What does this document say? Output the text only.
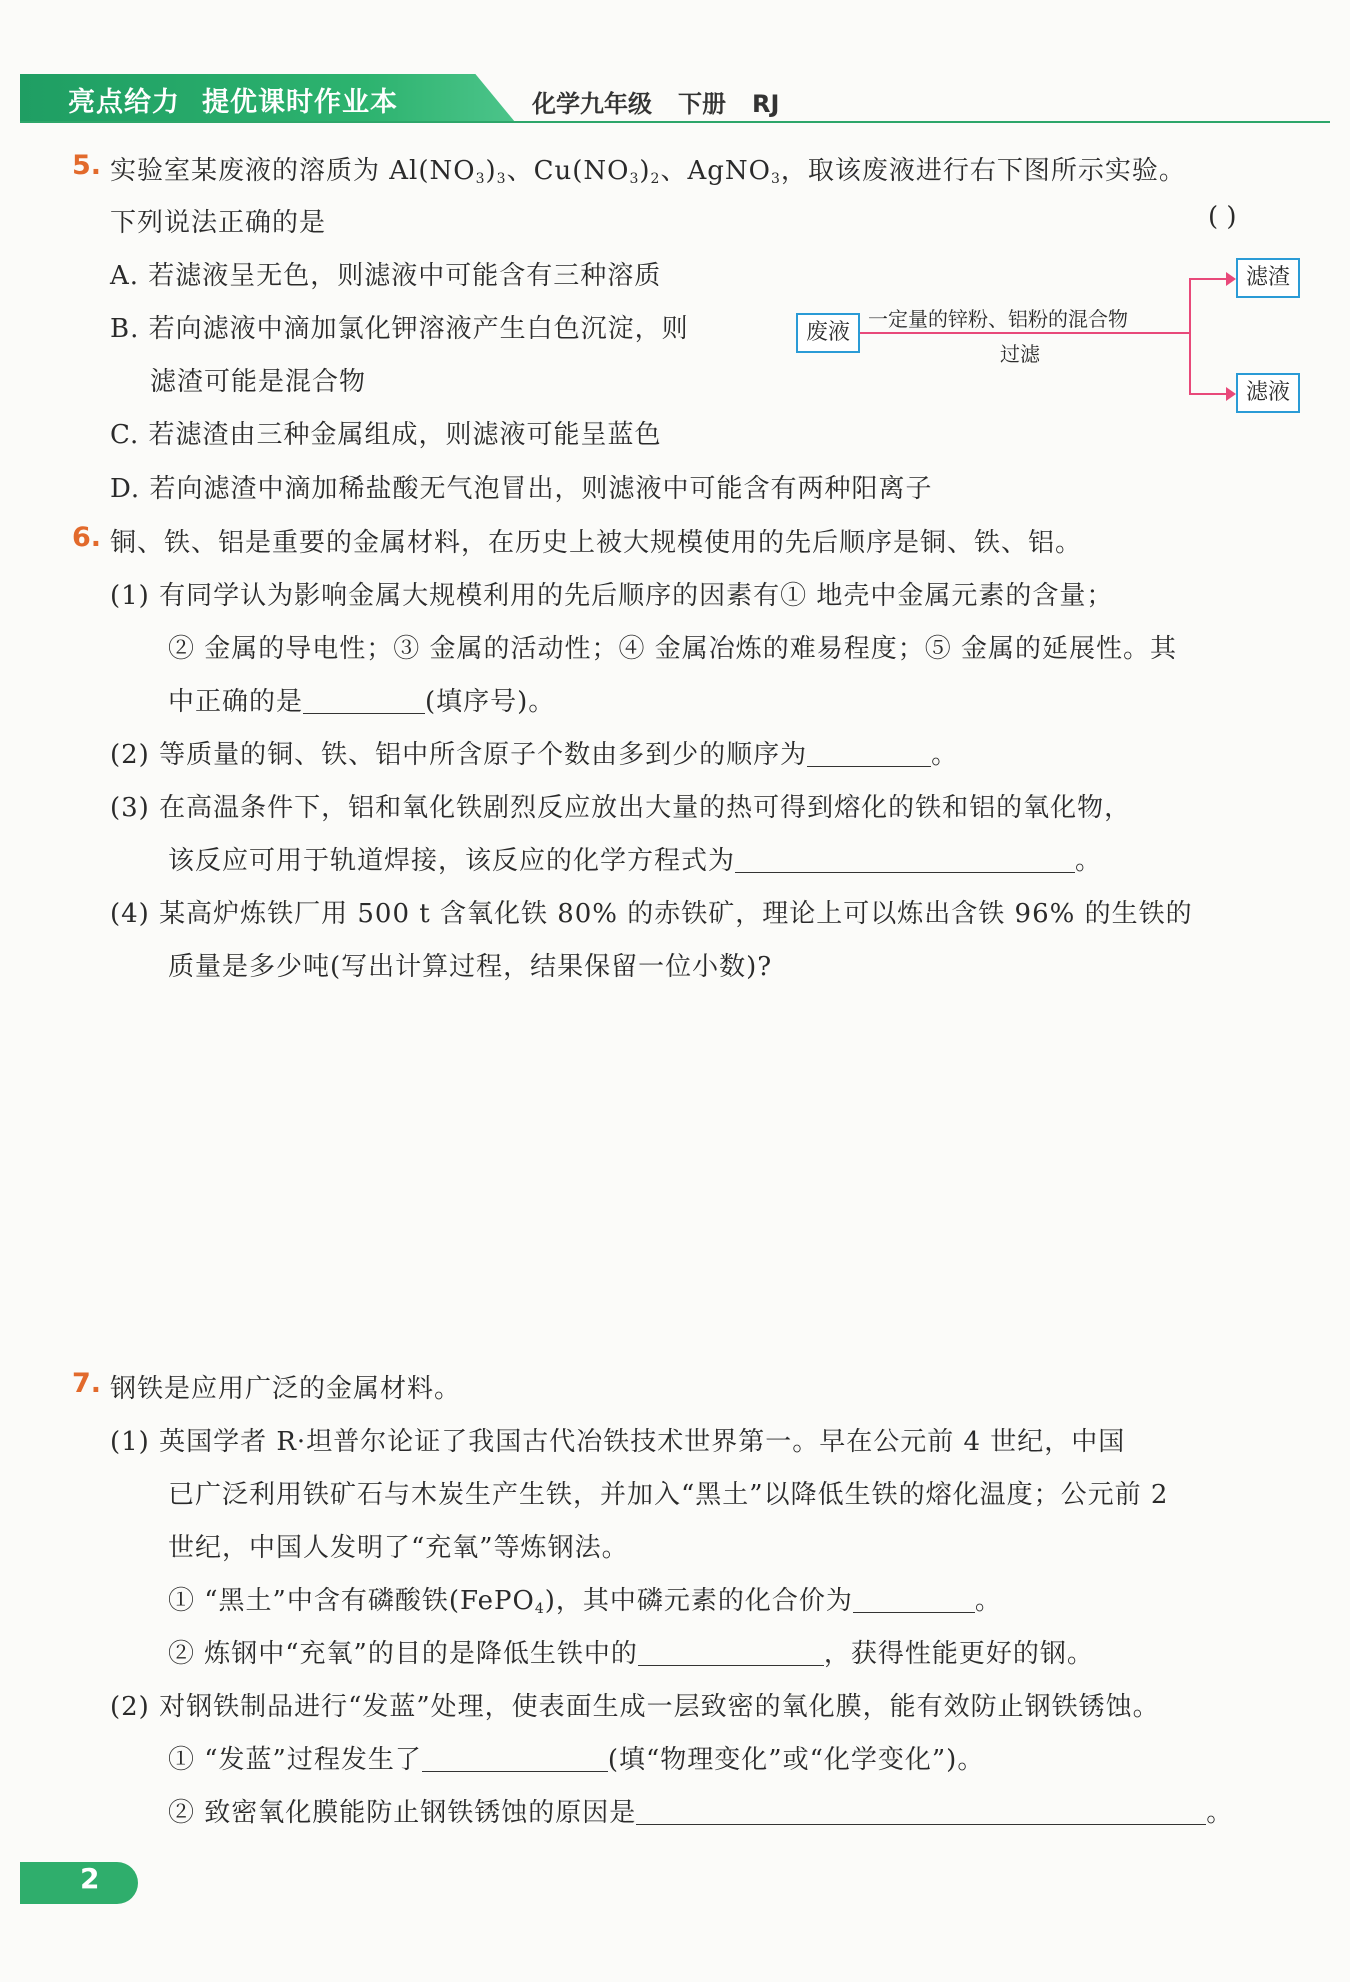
亮点给力 提优课时作业本	化学九年级 下册 RJ
5. 实验室某废液的溶质为 $Al(NO_3)_3$、$Cu(NO_3)_2$、AgNO$_3$，取该废液进行右下图所示实验。
下列说法正确的是	( )
A. 若滤液呈无色，则滤液中可能含有三种溶质
B. 若向滤液中滴加氯化钾溶液产生白色沉淀，则
滤渣可能是混合物
C. 若滤渣由三种金属组成，则滤液可能呈蓝色
D. 若向滤渣中滴加稀盐酸无气泡冒出，则滤液中可能含有两种阳离子
废液
一定量的锌粉、铝粉的混合物
过滤
滤渣
滤液
6. 铜、铁、铝是重要的金属材料，在历史上被大规模使用的先后顺序是铜、铁、铝。
(1) 有同学认为影响金属大规模利用的先后顺序的因素有① 地壳中金属元素的含量；
② 金属的导电性；③ 金属的活动性；④ 金属冶炼的难易程度；⑤ 金属的延展性。其
中正确的是	(填序号)。
(2) 等质量的铜、铁、铝中所含原子个数由多到少的顺序为	。
(3) 在高温条件下，铝和氧化铁剧烈反应放出大量的热可得到熔化的铁和铝的氧化物，
该反应可用于轨道焊接，该反应的化学方程式为	。
(4) 某高炉炼铁厂用 500 t 含氧化铁 80% 的赤铁矿，理论上可以炼出含铁 96% 的生铁的
质量是多少吨(写出计算过程，结果保留一位小数)?
7. 钢铁是应用广泛的金属材料。
(1) 英国学者 R·坦普尔论证了我国古代冶铁技术世界第一。早在公元前 4 世纪，中国
已广泛利用铁矿石与木炭生产生铁，并加入“黑土”以降低生铁的熔化温度；公元前 2
世纪，中国人发明了“充氧”等炼钢法。
① “黑土”中含有磷酸铁(FePO$_4$)，其中磷元素的化合价为	。
② 炼钢中“充氧”的目的是降低生铁中的	，获得性能更好的钢。
(2) 对钢铁制品进行“发蓝”处理，使表面生成一层致密的氧化膜，能有效防止钢铁锈蚀。
① “发蓝”过程发生了	(填“物理变化”或“化学变化”)。
② 致密氧化膜能防止钢铁锈蚀的原因是	。
2
